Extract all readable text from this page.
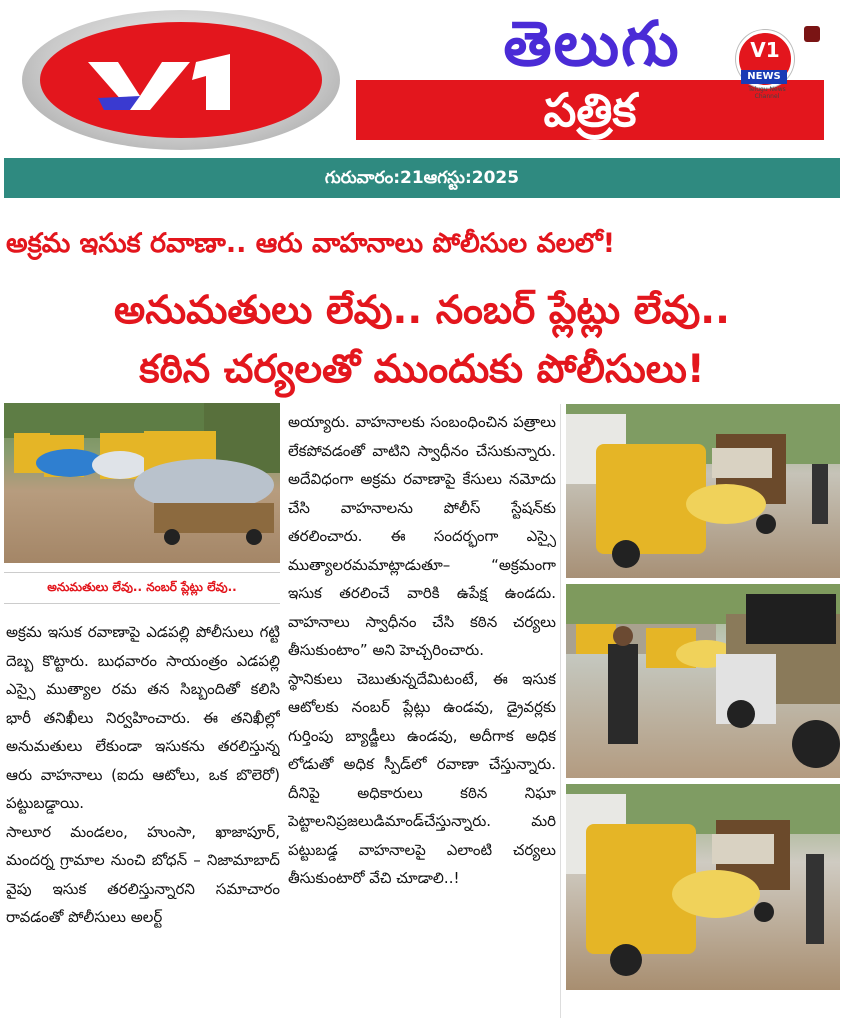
తెలుగు
పత్రిక
V1
NEWS
Telugu News Channel
గురువారం:21ఆగస్టు:2025
అక్రమ ఇసుక రవాణా.. ఆరు వాహనాలు పోలీసుల వలలో!
అనుమతులు లేవు.. నంబర్ ప్లేట్లు లేవు..
కఠిన చర్యలతో ముందుకు పోలీసులు!
అనుమతులు లేవు.. నంబర్ ప్లేట్లు లేవు..

అక్రమ ఇసుక రవాణాపై ఎడపల్లి పోలీసులు గట్టి దెబ్బ కొట్టారు. బుధవారం సాయంత్రం ఎడపల్లి ఎస్సై ముత్యాల రమ తన సిబ్బందితో కలిసి భారీ తనిఖీలు నిర్వహించారు. ఈ తనిఖీల్లో అనుమతులు లేకుండా ఇసుకను తరలిస్తున్న ఆరు వాహనాలు (ఐదు ఆటోలు, ఒక బొలెరో) పట్టుబడ్డాయి.

సాలూర మండలం, హుంసా, ఖాజాపూర్, మందర్న గ్రామాల నుంచి బోధన్ – నిజామాబాద్ వైపు ఇసుక తరలిస్తున్నారని సమాచారం రావడంతో పోలీసులు అలర్ట్

అయ్యారు. వాహనాలకు సంబంధించిన పత్రాలు లేకపోవడంతో వాటిని స్వాధీనం చేసుకున్నారు. అదేవిధంగా అక్రమ రవాణాపై కేసులు నమోదు చేసి వాహనాలను పోలీస్ స్టేషన్‌కు తరలించారు. ఈ సందర్భంగా ఎస్సై ముత్యాలరమమాట్లాడుతూ– “అక్రమంగా ఇసుక తరలించే వారికి ఉపేక్ష ఉండదు. వాహనాలు స్వాధీనం చేసి కఠిన చర్యలు తీసుకుంటాం” అని హెచ్చరించారు.

స్థానికులు చెబుతున్నదేమిటంటే, ఈ ఇసుక ఆటోలకు నంబర్ ప్లేట్లు ఉండవు, డ్రైవర్లకు గుర్తింపు బ్యాడ్జీలు ఉండవు, అదీగాక అధిక లోడుతో అధిక స్పీడ్‌లో రవాణా చేస్తున్నారు. దీనిపై అధికారులు కఠిన నిఘా పెట్టాలనిప్రజలుడిమాండ్‌చేస్తున్నారు. మరి పట్టుబడ్డ వాహనాలపై ఎలాంటి చర్యలు తీసుకుంటారో వేచి చూడాలి..!
